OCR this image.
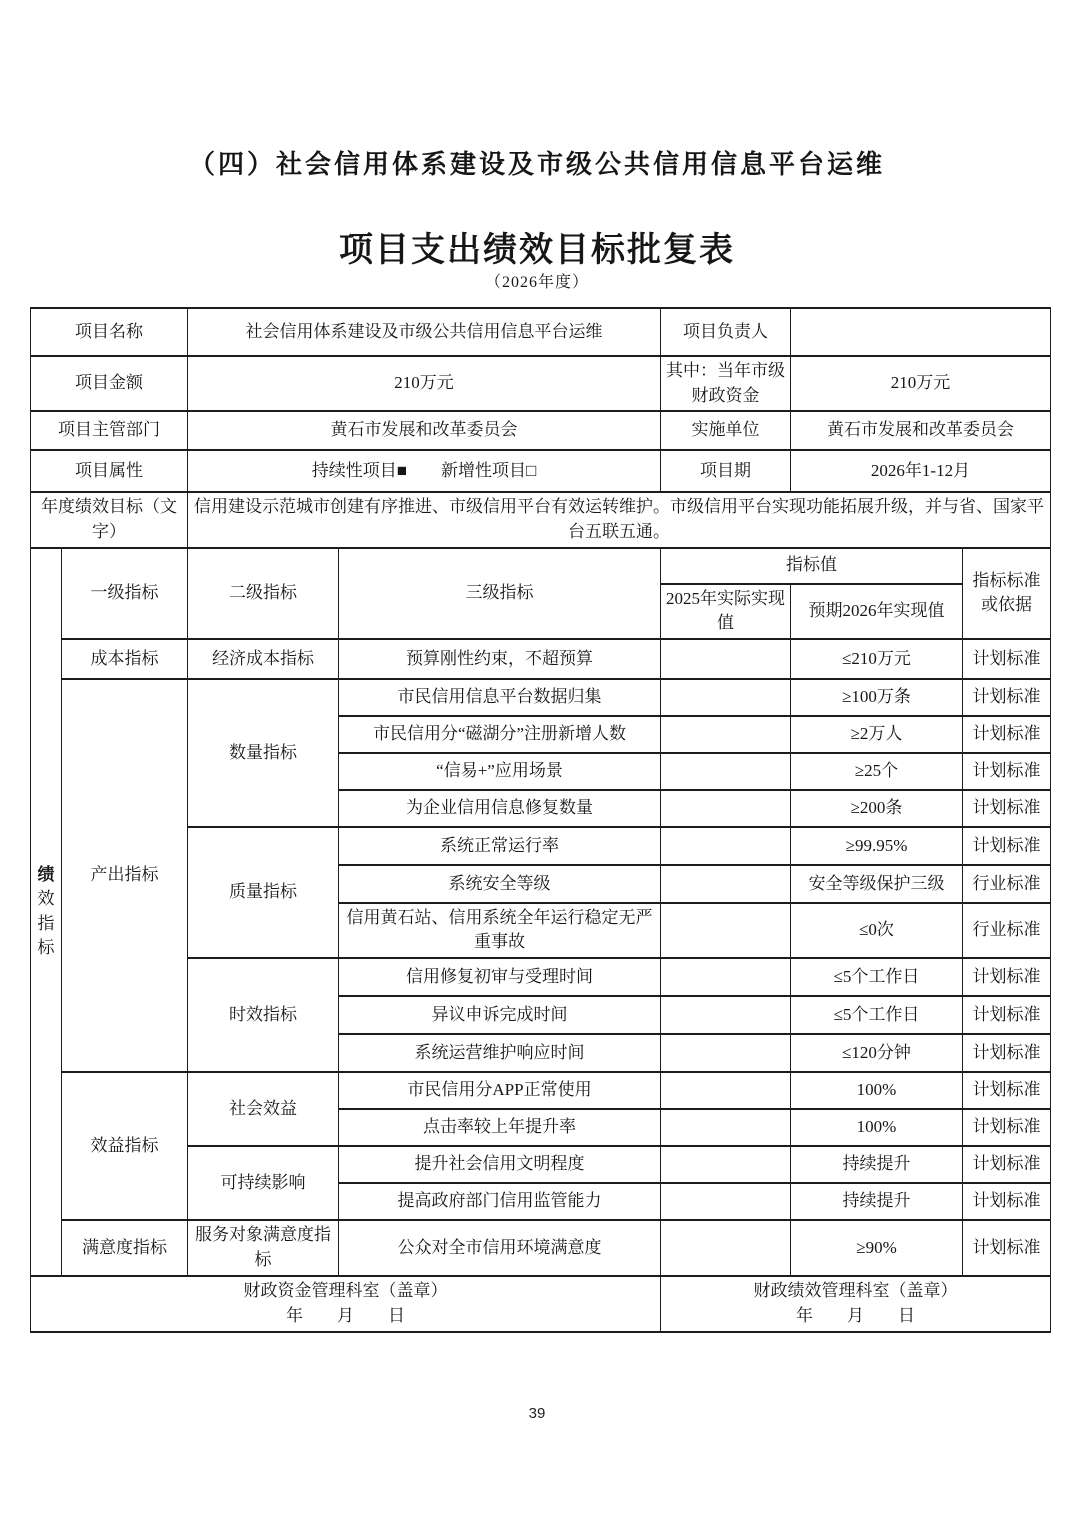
（四）社会信用体系建设及市级公共信用信息平台运维
项目支出绩效目标批复表
（2026年度）
项目名称		社会信用体系建设及市级公共信用信息平台运维		项目负责人		
项目金额		210万元		其中：当年市级财政资金	210万元	
项目主管部门		黄石市发展和改革委员会		实施单位	黄石市发展和改革委员会	
项目属性		持续性项目■　　新增性项目□		项目期	2026年1-12月	
年度绩效目标（文字）		信用建设示范城市创建有序推进、市级信用平台有效运转维护。市级信用平台实现功能拓展升级，并与省、国家平台五联五通。				
绩效指标	一级指标	二级指标	三级指标	指标值		指标标准或依据
				2025年实际实现值	预期2026年实现值	
	成本指标	经济成本指标	预算刚性约束，不超预算		≤210万元	计划标准
	产出指标	数量指标	市民信用信息平台数据归集		≥100万条	计划标准
			市民信用分“磁湖分”注册新增人数		≥2万人	计划标准
			“信易+”应用场景		≥25个	计划标准
			为企业信用信息修复数量		≥200条	计划标准
		质量指标	系统正常运行率		≥99.95%	计划标准
			系统安全等级		安全等级保护三级	行业标准
			信用黄石站、信用系统全年运行稳定无严重事故		≤0次	行业标准
		时效指标	信用修复初审与受理时间		≤5个工作日	计划标准
			异议申诉完成时间		≤5个工作日	计划标准
			系统运营维护响应时间		≤120分钟	计划标准
	效益指标	社会效益	市民信用分APP正常使用		100%	计划标准
			点击率较上年提升率		100%	计划标准
		可持续影响	提升社会信用文明程度		持续提升	计划标准
			提高政府部门信用监管能力		持续提升	计划标准
	满意度指标	服务对象满意度指标	公众对全市信用环境满意度		≥90%	计划标准

财政资金管理科室（盖章）
年　　月　　日

财政绩效管理科室（盖章）
年　　月　　日
39
